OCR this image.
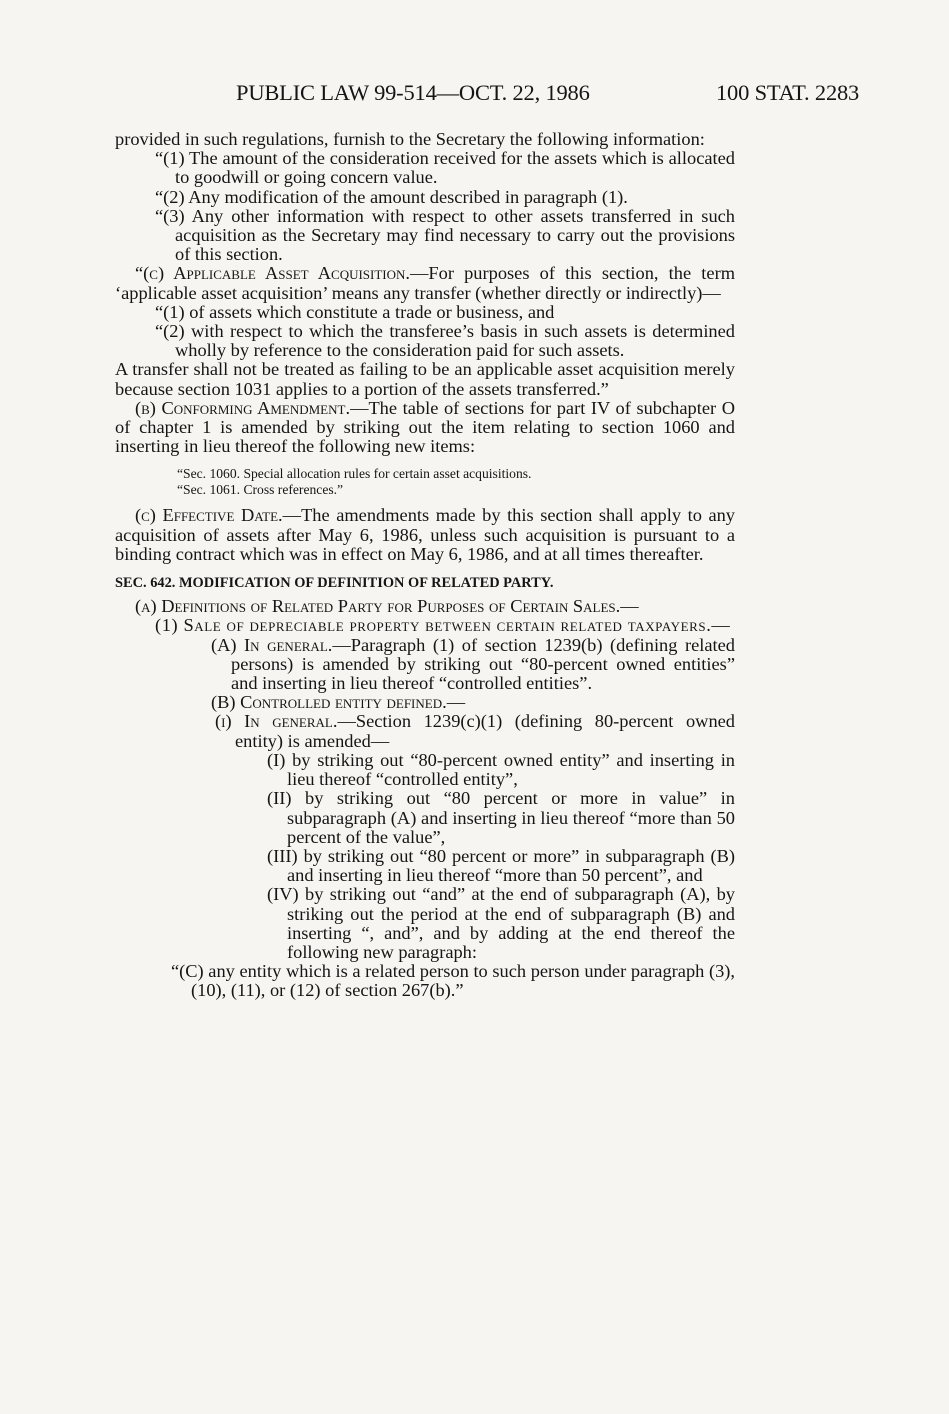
PUBLIC LAW 99-514—OCT. 22, 1986	100 STAT. 2283

provided in such regulations, furnish to the Secretary the following information:

“(1) The amount of the consideration received for the assets which is allocated to goodwill or going concern value.

“(2) Any modification of the amount described in paragraph (1).

“(3) Any other information with respect to other assets transferred in such acquisition as the Secretary may find necessary to carry out the provisions of this section.

“(c) Applicable Asset Acquisition.—For purposes of this section, the term ‘applicable asset acquisition’ means any transfer (whether directly or indirectly)—

“(1) of assets which constitute a trade or business, and

“(2) with respect to which the transferee’s basis in such assets is determined wholly by reference to the consideration paid for such assets.

A transfer shall not be treated as failing to be an applicable asset acquisition merely because section 1031 applies to a portion of the assets transferred.”

(b) Conforming Amendment.—The table of sections for part IV of subchapter O of chapter 1 is amended by striking out the item relating to section 1060 and inserting in lieu thereof the following new items:

“Sec. 1060. Special allocation rules for certain asset acquisitions.
“Sec. 1061. Cross references.”

(c) Effective Date.—The amendments made by this section shall apply to any acquisition of assets after May 6, 1986, unless such acquisition is pursuant to a binding contract which was in effect on May 6, 1986, and at all times thereafter.

SEC. 642. MODIFICATION OF DEFINITION OF RELATED PARTY.

(a) Definitions of Related Party for Purposes of Certain Sales.—

(1) Sale of depreciable property between certain related taxpayers.—

(A) In general.—Paragraph (1) of section 1239(b) (defining related persons) is amended by striking out “80-percent owned entities” and inserting in lieu thereof “controlled entities”.

(B) Controlled entity defined.—

(i) In general.—Section 1239(c)(1) (defining 80-percent owned entity) is amended—

(I) by striking out “80-percent owned entity” and inserting in lieu thereof “controlled entity”,

(II) by striking out “80 percent or more in value” in subparagraph (A) and inserting in lieu thereof “more than 50 percent of the value”,

(III) by striking out “80 percent or more” in subparagraph (B) and inserting in lieu thereof “more than 50 percent”, and

(IV) by striking out “and” at the end of subparagraph (A), by striking out the period at the end of subparagraph (B) and inserting “, and”, and by adding at the end thereof the following new paragraph:

“(C) any entity which is a related person to such person under paragraph (3), (10), (11), or (12) of section 267(b).”
